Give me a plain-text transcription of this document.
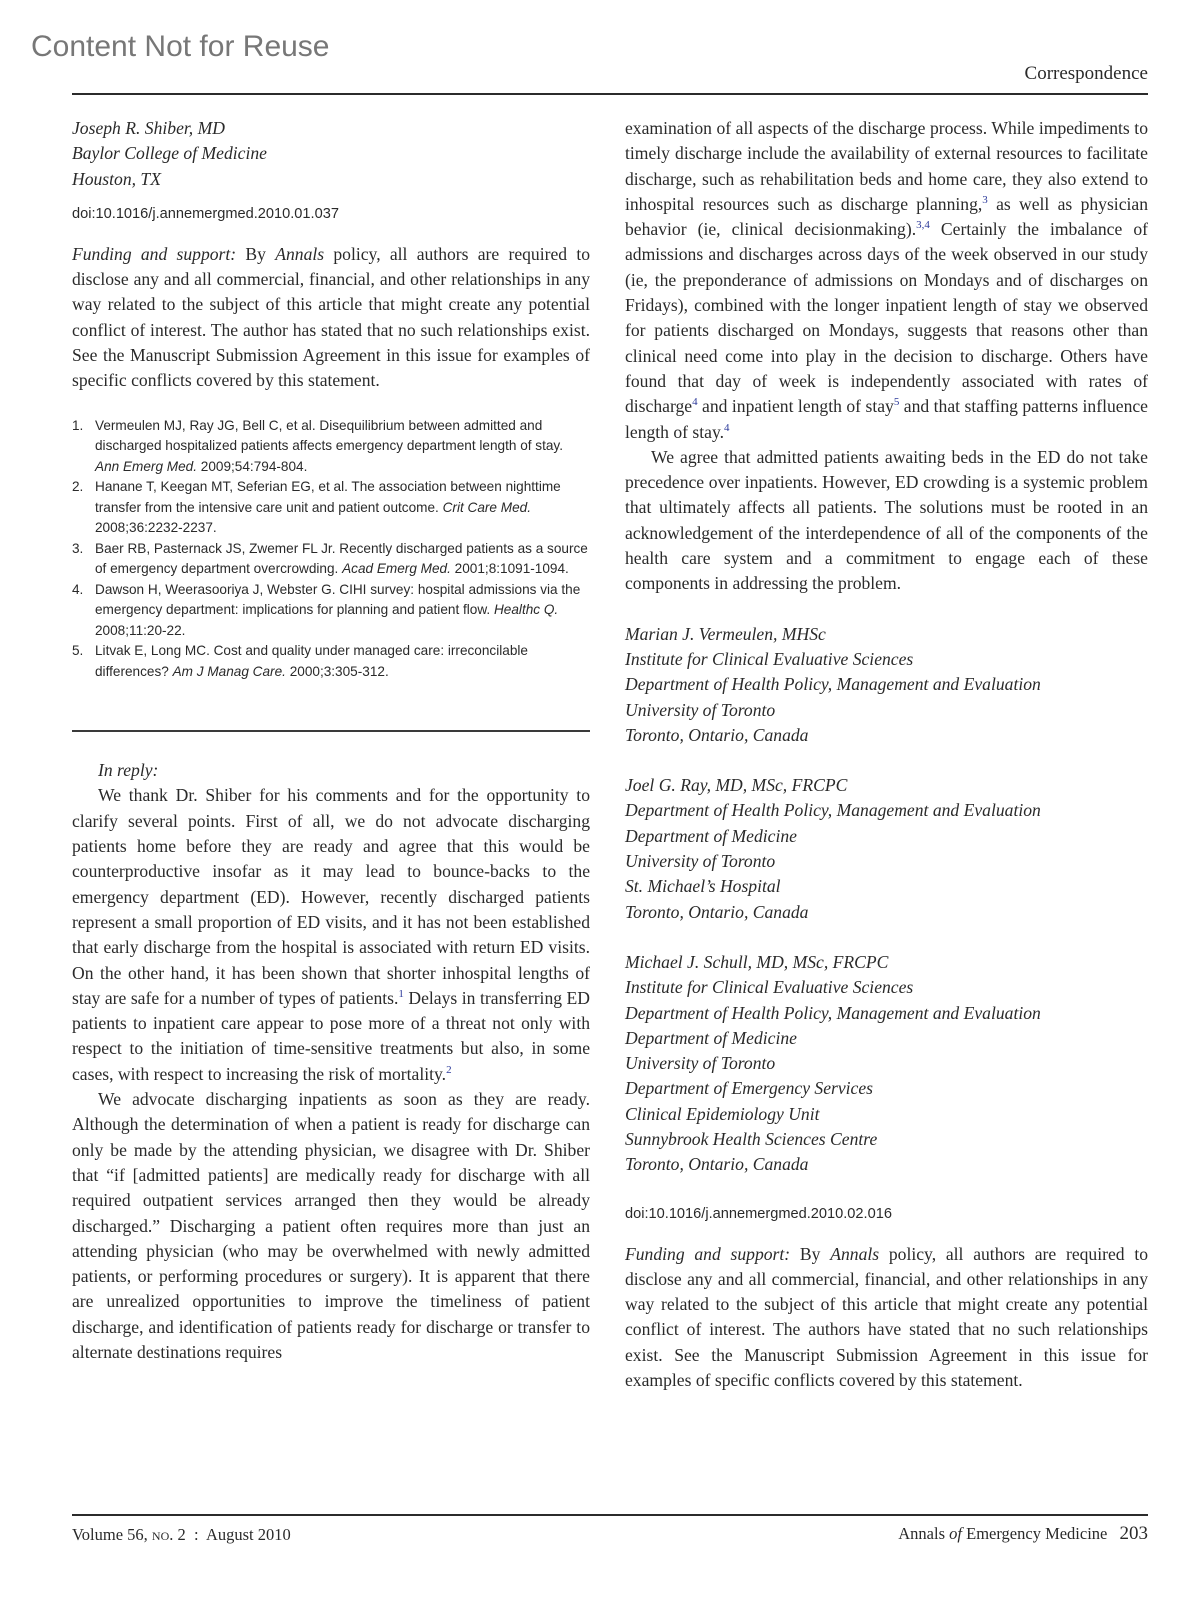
Content Not for Reuse
Correspondence
Joseph R. Shiber, MD
Baylor College of Medicine
Houston, TX
doi:10.1016/j.annemergmed.2010.01.037

Funding and support: By Annals policy, all authors are required to disclose any and all commercial, financial, and other relationships in any way related to the subject of this article that might create any potential conflict of interest. The author has stated that no such relationships exist. See the Manuscript Submission Agreement in this issue for examples of specific conflicts covered by this statement.

1. Vermeulen MJ, Ray JG, Bell C, et al. Disequilibrium between admitted and discharged hospitalized patients affects emergency department length of stay. Ann Emerg Med. 2009;54:794-804.
2. Hanane T, Keegan MT, Seferian EG, et al. The association between nighttime transfer from the intensive care unit and patient outcome. Crit Care Med. 2008;36:2232-2237.
3. Baer RB, Pasternack JS, Zwemer FL Jr. Recently discharged patients as a source of emergency department overcrowding. Acad Emerg Med. 2001;8:1091-1094.
4. Dawson H, Weerasooriya J, Webster G. CIHI survey: hospital admissions via the emergency department: implications for planning and patient flow. Healthc Q. 2008;11:20-22.
5. Litvak E, Long MC. Cost and quality under managed care: irreconcilable differences? Am J Manag Care. 2000;3:305-312.

In reply:

We thank Dr. Shiber for his comments and for the opportunity to clarify several points. First of all, we do not advocate discharging patients home before they are ready and agree that this would be counterproductive insofar as it may lead to bounce-backs to the emergency department (ED). However, recently discharged patients represent a small proportion of ED visits, and it has not been established that early discharge from the hospital is associated with return ED visits. On the other hand, it has been shown that shorter inhospital lengths of stay are safe for a number of types of patients.$^1$ Delays in transferring ED patients to inpatient care appear to pose more of a threat not only with respect to the initiation of time-sensitive treatments but also, in some cases, with respect to increasing the risk of mortality.$^2$

We advocate discharging inpatients as soon as they are ready. Although the determination of when a patient is ready for discharge can only be made by the attending physician, we disagree with Dr. Shiber that “if [admitted patients] are medically ready for discharge with all required outpatient services arranged then they would be already discharged.” Discharging a patient often requires more than just an attending physician (who may be overwhelmed with newly admitted patients, or performing procedures or surgery). It is apparent that there are unrealized opportunities to improve the timeliness of patient discharge, and identification of patients ready for discharge or transfer to alternate destinations requires

examination of all aspects of the discharge process. While impediments to timely discharge include the availability of external resources to facilitate discharge, such as rehabilitation beds and home care, they also extend to inhospital resources such as discharge planning,$^3$ as well as physician behavior (ie, clinical decisionmaking).$^{3,4}$ Certainly the imbalance of admissions and discharges across days of the week observed in our study (ie, the preponderance of admissions on Mondays and of discharges on Fridays), combined with the longer inpatient length of stay we observed for patients discharged on Mondays, suggests that reasons other than clinical need come into play in the decision to discharge. Others have found that day of week is independently associated with rates of discharge$^4$ and inpatient length of stay$^5$ and that staffing patterns influence length of stay.$^4$

We agree that admitted patients awaiting beds in the ED do not take precedence over inpatients. However, ED crowding is a systemic problem that ultimately affects all patients. The solutions must be rooted in an acknowledgement of the interdependence of all of the components of the health care system and a commitment to engage each of these components in addressing the problem.

Marian J. Vermeulen, MHSc
Institute for Clinical Evaluative Sciences
Department of Health Policy, Management and Evaluation
University of Toronto
Toronto, Ontario, Canada
Joel G. Ray, MD, MSc, FRCPC
Department of Health Policy, Management and Evaluation
Department of Medicine
University of Toronto
St. Michael’s Hospital
Toronto, Ontario, Canada
Michael J. Schull, MD, MSc, FRCPC
Institute for Clinical Evaluative Sciences
Department of Health Policy, Management and Evaluation
Department of Medicine
University of Toronto
Department of Emergency Services
Clinical Epidemiology Unit
Sunnybrook Health Sciences Centre
Toronto, Ontario, Canada
doi:10.1016/j.annemergmed.2010.02.016

Funding and support: By Annals policy, all authors are required to disclose any and all commercial, financial, and other relationships in any way related to the subject of this article that might create any potential conflict of interest. The authors have stated that no such relationships exist. See the Manuscript Submission Agreement in this issue for examples of specific conflicts covered by this statement.

Volume 56, no. 2 : August 2010	Annals of Emergency Medicine 203
